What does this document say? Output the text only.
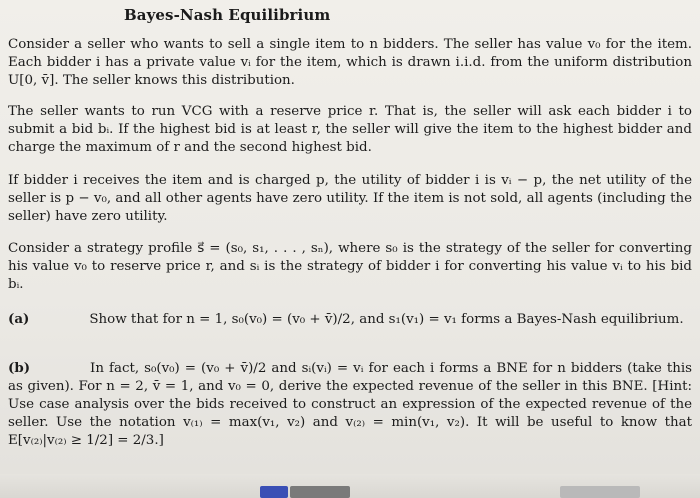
Bayes-Nash Equilibrium
Consider a seller who wants to sell a single item to n bidders. The seller has value v₀ for the item. Each bidder i has a private value vᵢ for the item, which is drawn i.i.d. from the uniform distribution U[0, v̄]. The seller knows this distribution.
The seller wants to run VCG with a reserve price r. That is, the seller will ask each bidder i to submit a bid bᵢ. If the highest bid is at least r, the seller will give the item to the highest bidder and charge the maximum of r and the second highest bid.
If bidder i receives the item and is charged p, the utility of bidder i is vᵢ − p, the net utility of the seller is p − v₀, and all other agents have zero utility. If the item is not sold, all agents (including the seller) have zero utility.
Consider a strategy profile s⃗ = (s₀, s₁, . . . , sₙ), where s₀ is the strategy of the seller for converting his value v₀ to reserve price r, and sᵢ is the strategy of bidder i for converting his value vᵢ to his bid bᵢ.
(a)	Show that for n = 1, s₀(v₀) = (v₀ + v̄)/2, and s₁(v₁) = v₁ forms a Bayes-Nash equilibrium.
(b)	In fact, s₀(v₀) = (v₀ + v̄)/2 and sᵢ(vᵢ) = vᵢ for each i forms a BNE for n bidders (take this as given). For n = 2, v̄ = 1, and v₀ = 0, derive the expected revenue of the seller in this BNE. [Hint: Use case analysis over the bids received to construct an expression of the expected revenue of the seller. Use the notation v₍₁₎ = max(v₁, v₂) and v₍₂₎ = min(v₁, v₂). It will be useful to know that E[v₍₂₎|v₍₂₎ ≥ 1/2] = 2/3.]
